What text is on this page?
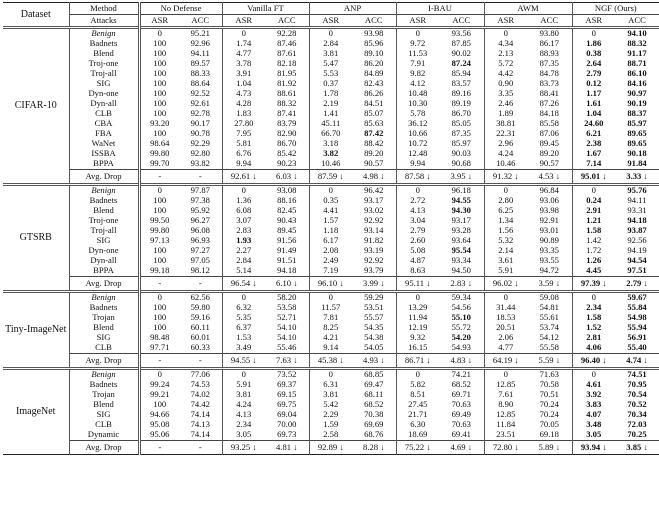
Dataset	Method	No Defense		Vanilla FT		ANP		I-BAU		AWM		NGF (Ours)	
	Attacks	ASR	ACC	ASR	ACC	ASR	ACC	ASR	ACC	ASR	ACC	ASR	ACC
CIFAR-10	Benign	0	95.21	0	92.28	0	93.98	0	93.56	0	93.80	0	94.10
	Badnets	100	92.96	1.74	87.46	2.84	85.96	9.72	87.85	4.34	86.17	1.86	88.32
	Blend	100	94.11	4.77	87.61	3.81	89.10	11.53	90.02	2.13	88.93	0.38	91.17
	Troj-one	100	89.57	3.78	82.18	5.47	86.20	7.91	87.24	5.72	87.35	2.64	88.71
	Troj-all	100	88.33	3.91	81.95	5.53	84.89	9.82	85.94	4.42	84.78	2.79	86.10
	SIG	100	88.64	1.04	81.92	0.37	82.43	4.12	83.57	0.90	83.73	0.12	84.16
	Dyn-one	100	92.52	4.73	88.61	1.78	86.26	10.48	89.16	3.35	88.41	1.17	90.97
	Dyn-all	100	92.61	4.28	88.32	2.19	84.51	10.30	89.19	2.46	87.26	1.61	90.19
	CLB	100	92.78	1.83	87.41	1.41	85.07	5.78	86.70	1.89	84.18	1.04	88.37
	CBA	93.20	90.17	27.80	83.79	45.11	85.63	36.12	85.05	38.81	85.58	24.60	85.97
	FBA	100	90.78	7.95	82.90	66.70	87.42	10.66	87.35	22.31	87.06	6.21	89.65
	WaNet	98.64	92.29	5.81	86.70	3.18	88.42	10.72	85.97	2.96	89.45	2.38	89.65
	ISSBA	99.80	92.80	6.76	85.42	3.82	89.20	12.48	90.03	4.24	89.20	1.67	90.18
	BPPA	99.70	93.82	9.94	90.23	10.46	90.57	9.94	90.68	10.46	90.57	7.14	91.84
	Avg. Drop	-	-	92.61 ↓	6.03 ↓	87.59 ↓	4.98 ↓	87.58 ↓	3.95 ↓	91.32 ↓	4.53 ↓	95.01 ↓	3.33 ↓
GTSRB	Benign	0	97.87	0	93.08	0	96.42	0	96.18	0	96.84	0	95.76
	Badnets	100	97.38	1.36	88.16	0.35	93.17	2.72	94.55	2.80	93.06	0.24	94.11
	Blend	100	95.92	6.08	82.45	4.41	93.02	4.13	94.30	6.25	93.98	2.91	93.31
	Troj-one	99.50	96.27	3.07	90.43	1.57	92.92	3.04	93.17	1.34	92.91	1.21	94.18
	Troj-all	99.80	96.08	2.83	89.45	1.18	93.14	2.79	93.28	1.56	93.01	1.58	93.87
	SIG	97.13	96.93	1.93	91.56	6.17	91.82	2.60	93.64	5.32	90.89	1.42	92.56
	Dyn-one	100	97.27	2.27	91.49	2.08	93.19	5.08	95.54	2.14	93.35	1.72	94.19
	Dyn-all	100	97.05	2.84	91.51	2.49	92.92	4.87	93.34	3.61	93.55	1.26	94.54
	BPPA	99.18	98.12	5.14	94.18	7.19	93.79	8.63	94.50	5.91	94.72	4.45	97.51
	Avg. Drop	-	-	96.54 ↓	6.10 ↓	96.10 ↓	3.99 ↓	95.11 ↓	2.83 ↓	96.02 ↓	3.59 ↓	97.39 ↓	2.79 ↓
Tiny-ImageNet	Benign	0	62.56	0	58.20	0	59.29	0	59.34	0	59.08	0	59.67
	Badnets	100	59.80	6.32	53.58	11.57	53.51	13.29	54.56	31.44	54.81	2.34	55.84
	Trojan	100	59.16	5.35	52.71	7.81	55.57	11.94	55.10	18.53	55.61	1.58	54.98
	Blend	100	60.11	6.37	54.10	8.25	54.35	12.19	55.72	20.51	53.74	1.52	55.94
	SIG	98.48	60.01	1.53	54.10	4.21	54.38	9.32	54.20	2.06	54.12	2.81	56.91
	CLB	97.71	60.33	3.49	55.46	9.14	54.05	16.15	54.93	4.77	55.58	4.06	55.40
	Avg. Drop	-	-	94.55 ↓	7.63 ↓	45.38 ↓	4.93 ↓	86.71 ↓	4.83 ↓	64.19 ↓	5.59 ↓	96.40 ↓	4.74 ↓
ImageNet	Benign	0	77.06	0	73.52	0	68.85	0	74.21	0	71.63	0	74.51
	Badnets	99.24	74.53	5.91	69.37	6.31	69.47	5.82	68.52	12.85	70.58	4.61	70.95
	Trojan	99.21	74.02	3.81	69.15	3.81	68.11	8.51	69.71	7.61	70.51	3.92	70.54
	Blend	100	74.42	4.24	69.75	5.42	68.52	27.45	70.63	8.90	70.24	3.83	70.52
	SIG	94.66	74.14	4.13	69.04	2.29	70.38	21.71	69.49	12.85	70.24	4.07	70.34
	CLB	95.08	74.13	2.34	70.00	1.59	69.69	6.30	70.63	11.84	70.05	3.48	72.03
	Dynamic	95.06	74.14	3.05	69.73	2.58	68.76	18.69	69.41	23.51	69.18	3.05	70.25
	Avg. Drop	-	-	93.25 ↓	4.81 ↓	92.89 ↓	8.28 ↓	75.22 ↓	4.69 ↓	72.80 ↓	5.89 ↓	93.94 ↓	3.85 ↓
